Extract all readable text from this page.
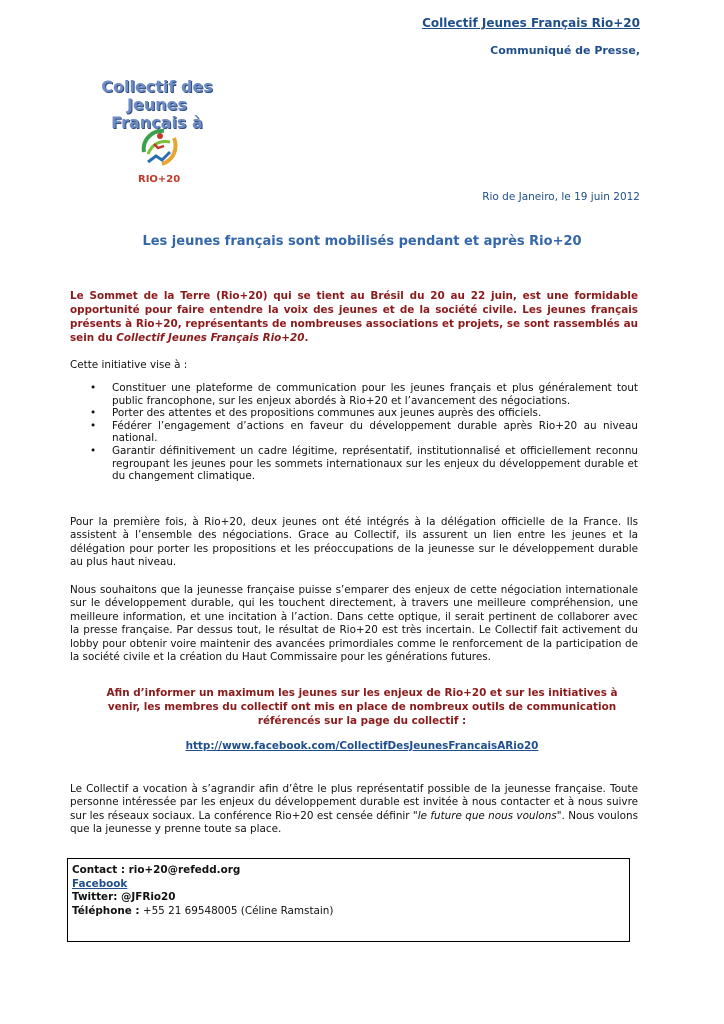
Collectif Jeunes Français Rio+20
Communiqué de Presse,
Collectif des Jeunes
Français à
RIO+20
Rio de Janeiro, le 19 juin 2012
Les jeunes français sont mobilisés pendant et après Rio+20
Le Sommet de la Terre (Rio+20) qui se tient au Brésil du 20 au 22 juin, est une formidable opportunité pour faire entendre la voix des jeunes et de la société civile. Les jeunes français présents à Rio+20, représentants de nombreuses associations et projets, se sont rassemblés au sein du Collectif Jeunes Français Rio+20.
Cette initiative vise à :
• Constituer une plateforme de communication pour les jeunes français et plus généralement tout public francophone, sur les enjeux abordés à Rio+20 et l’avancement des négociations.
• Porter des attentes et des propositions communes aux jeunes auprès des officiels.
• Fédérer l’engagement d’actions en faveur du développement durable après Rio+20 au niveau national.
• Garantir définitivement un cadre légitime, représentatif, institutionnalisé et officiellement reconnu regroupant les jeunes pour les sommets internationaux sur les enjeux du développement durable et du changement climatique.
Pour la première fois, à Rio+20, deux jeunes ont été intégrés à la délégation officielle de la France. Ils assistent à l’ensemble des négociations. Grace au Collectif, ils assurent un lien entre les jeunes et la délégation pour porter les propositions et les préoccupations de la jeunesse sur le développement durable au plus haut niveau.
Nous souhaitons que la jeunesse française puisse s’emparer des enjeux de cette négociation internationale sur le développement durable, qui les touchent directement, à travers une meilleure compréhension, une meilleure information, et une incitation à l’action. Dans cette optique, il serait pertinent de collaborer avec la presse française. Par dessus tout, le résultat de Rio+20 est très incertain. Le Collectif fait activement du lobby pour obtenir voire maintenir des avancées primordiales comme le renforcement de la participation de la société civile et la création du Haut Commissaire pour les générations futures.
Afin d’informer un maximum les jeunes sur les enjeux de Rio+20 et sur les initiatives à venir, les membres du collectif ont mis en place de nombreux outils de communication référencés sur la page du collectif :
http://www.facebook.com/CollectifDesJeunesFrancaisARio20
Le Collectif a vocation à s’agrandir afin d’être le plus représentatif possible de la jeunesse française. Toute personne intéressée par les enjeux du développement durable est invitée à nous contacter et à nous suivre sur les réseaux sociaux. La conférence Rio+20 est censée définir "le future que nous voulons". Nous voulons que la jeunesse y prenne toute sa place.
Contact : rio+20@refedd.org
Facebook
Twitter: @JFRio20
Téléphone : +55 21 69548005 (Céline Ramstain)
